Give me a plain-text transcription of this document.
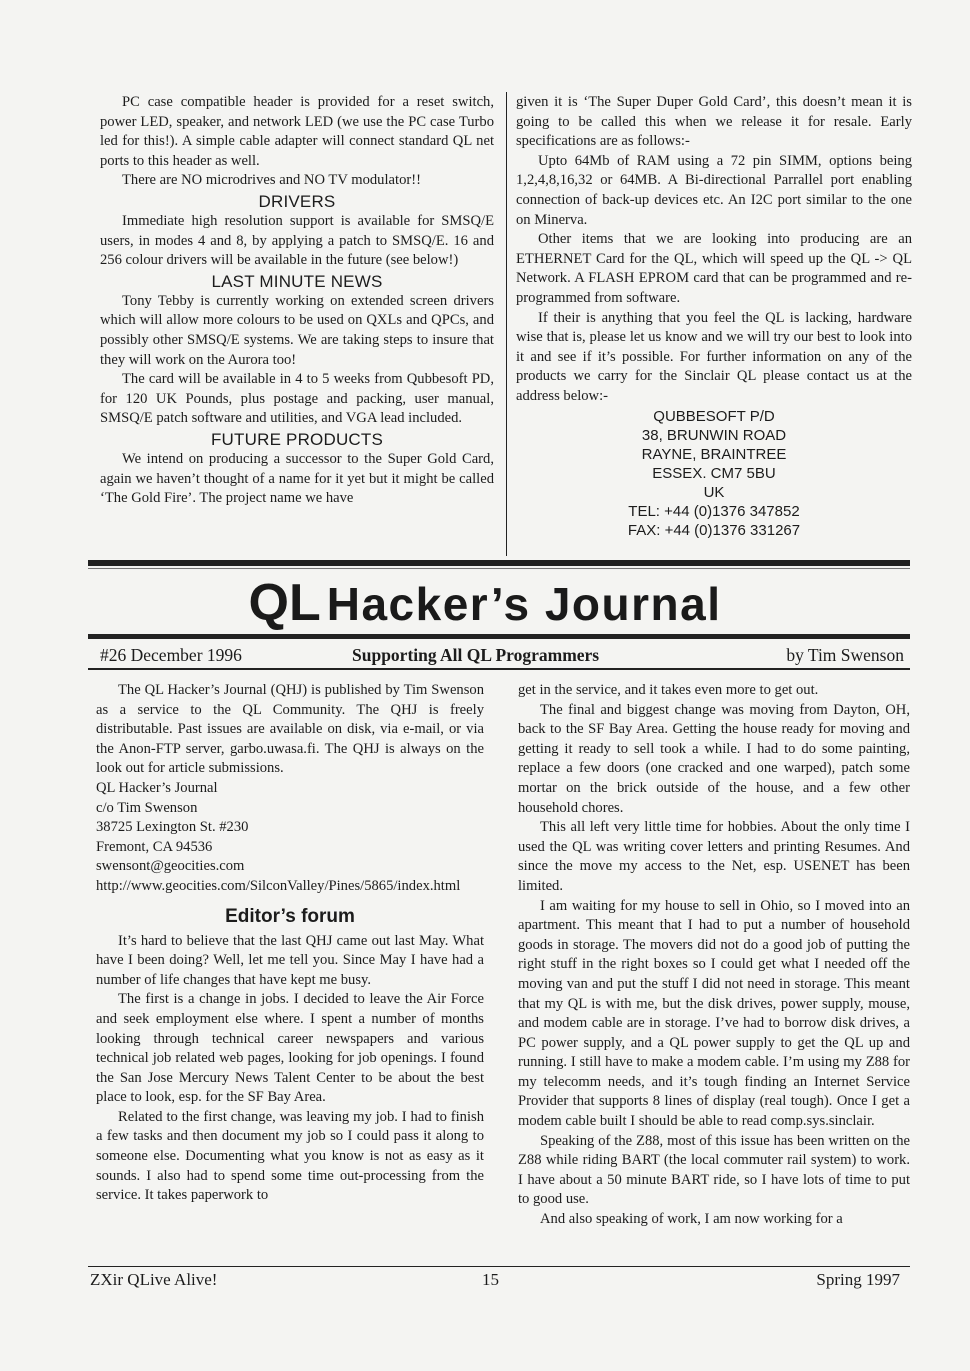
PC case compatible header is provided for a reset switch, power LED, speaker, and network LED (we use the PC case Turbo led for this!). A simple cable adapter will connect standard QL net ports to this header as well.

There are NO microdrives and NO TV modulator!!

DRIVERS

Immediate high resolution support is available for SMSQ/E users, in modes 4 and 8, by applying a patch to SMSQ/E. 16 and 256 colour drivers will be available in the future (see below!)

LAST MINUTE NEWS

Tony Tebby is currently working on extended screen drivers which will allow more colours to be used on QXLs and QPCs, and possibly other SMSQ/E systems. We are taking steps to insure that they will work on the Aurora too!

The card will be available in 4 to 5 weeks from Qubbesoft PD, for 120 UK Pounds, plus postage and packing, user manual, SMSQ/E patch software and utilities, and VGA lead included.

FUTURE PRODUCTS

We intend on producing a successor to the Super Gold Card, again we haven’t thought of a name for it yet but it might be called ‘The Gold Fire’. The project name we have

given it is ‘The Super Duper Gold Card’, this doesn’t mean it is going to be called this when we release it for resale. Early specifications are as follows:-

Upto 64Mb of RAM using a 72 pin SIMM, options being 1,2,4,8,16,32 or 64MB. A Bi-directional Parrallel port enabling connection of back-up devices etc. An I2C port similar to the one on Minerva.

Other items that we are looking into producing are an ETHERNET Card for the QL, which will speed up the QL -> QL Network. A FLASH EPROM card that can be programmed and re-programmed from software.

If their is anything that you feel the QL is lacking, hardware wise that is, please let us know and we will try our best to look into it and see if it’s possible. For further information on any of the products we carry for the Sinclair QL please contact us at the address below:-

QUBBESOFT P/D
38, BRUNWIN ROAD
RAYNE, BRAINTREE
ESSEX. CM7 5BU
UK
TEL: +44 (0)1376 347852
FAX: +44 (0)1376 331267
QL Hacker’s Journal
#26 December 1996	Supporting All QL Programmers	by Tim Swenson

The QL Hacker’s Journal (QHJ) is published by Tim Swenson as a service to the QL Community. The QHJ is freely distributable. Past issues are available on disk, via e-mail, or via the Anon-FTP server, garbo.uwasa.fi. The QHJ is always on the look out for article submissions.

QL Hacker’s Journal

c/o Tim Swenson

38725 Lexington St. #230

Fremont, CA 94536

swensont@geocities.com

http://www.geocities.com/SilconValley/Pines/5865/index.html

Editor’s forum

It’s hard to believe that the last QHJ came out last May. What have I been doing? Well, let me tell you. Since May I have had a number of life changes that have kept me busy.

The first is a change in jobs. I decided to leave the Air Force and seek employment else where. I spent a number of months looking through technical career newspapers and various technical job related web pages, looking for job openings. I found the San Jose Mercury News Talent Center to be about the best place to look, esp. for the SF Bay Area.

Related to the first change, was leaving my job. I had to finish a few tasks and then document my job so I could pass it along to someone else. Documenting what you know is not as easy as it sounds. I also had to spend some time out-processing from the service. It takes paperwork to

get in the service, and it takes even more to get out.

The final and biggest change was moving from Dayton, OH, back to the SF Bay Area. Getting the house ready for moving and getting it ready to sell took a while. I had to do some painting, replace a few doors (one cracked and one warped), patch some mortar on the brick outside of the house, and a few other household chores.

This all left very little time for hobbies. About the only time I used the QL was writing cover letters and printing Resumes. And since the move my access to the Net, esp. USENET has been limited.

I am waiting for my house to sell in Ohio, so I moved into an apartment. This meant that I had to put a number of household goods in storage. The movers did not do a good job of putting the right stuff in the right boxes so I could get what I needed off the moving van and put the stuff I did not need in storage. This meant that my QL is with me, but the disk drives, power supply, mouse, and modem cable are in storage. I’ve had to borrow disk drives, a PC power supply, and a QL power supply to get the QL up and running. I still have to make a modem cable. I’m using my Z88 for my telecomm needs, and it’s tough finding an Internet Service Provider that supports 8 lines of display (real tough). Once I get a modem cable built I should be able to read comp.sys.sinclair.

Speaking of the Z88, most of this issue has been written on the Z88 while riding BART (the local commuter rail system) to work. I have about a 50 minute BART ride, so I have lots of time to put to good use.

And also speaking of work, I am now working for a

ZXir QLive Alive!	15	Spring 1997
